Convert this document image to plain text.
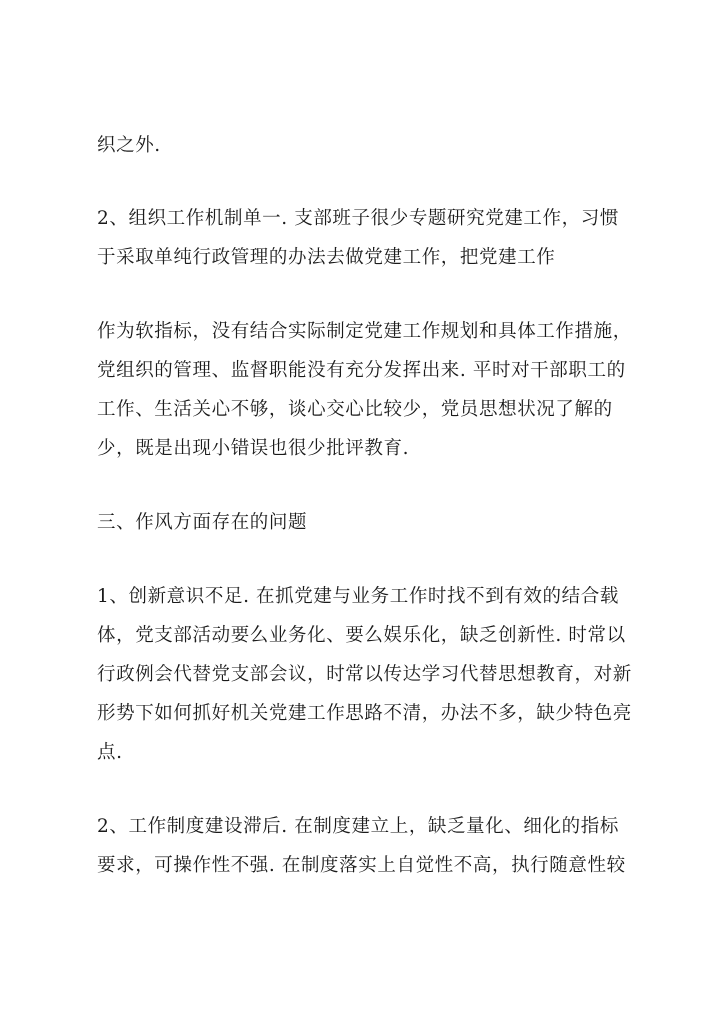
织之外.
2、组织工作机制单一. 支部班子很少专题研究党建工作，习惯
于采取单纯行政管理的办法去做党建工作，把党建工作
作为软指标，没有结合实际制定党建工作规划和具体工作措施，
党组织的管理、监督职能没有充分发挥出来. 平时对干部职工的
工作、生活关心不够，谈心交心比较少，党员思想状况了解的
少，既是出现小错误也很少批评教育.
三、作风方面存在的问题
1、创新意识不足. 在抓党建与业务工作时找不到有效的结合载
体，党支部活动要么业务化、要么娱乐化，缺乏创新性. 时常以
行政例会代替党支部会议，时常以传达学习代替思想教育，对新
形势下如何抓好机关党建工作思路不清，办法不多，缺少特色亮
点.
2、工作制度建设滞后. 在制度建立上，缺乏量化、细化的指标
要求，可操作性不强. 在制度落实上自觉性不高，执行随意性较
